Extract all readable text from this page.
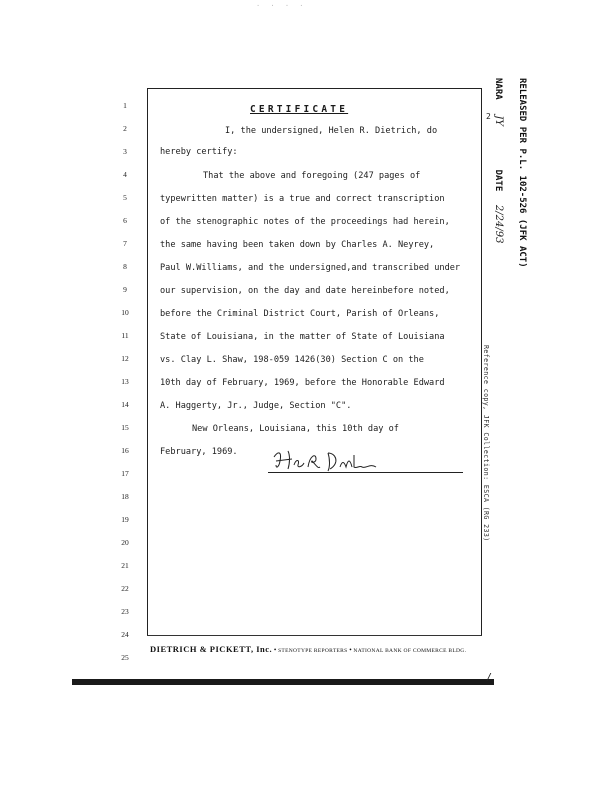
· · · ·
1
2
3
4
5
6
7
8
9
10
11
12
13
14
15
16
17
18
19
20
21
22
23
24
25
CERTIFICATE
2
I, the undersigned, Helen R. Dietrich, do
hereby certify:
That the above and foregoing (247 pages of
typewritten matter) is a true and correct transcription
of the stenographic notes of the proceedings had herein,
the same having been taken down by Charles A. Neyrey,
Paul W.Williams, and the undersigned,and transcribed under
our supervision, on the day and date hereinbefore noted,
before the Criminal District Court, Parish of Orleans,
State of Louisiana, in the matter of State of Louisiana
vs. Clay L. Shaw, 198-059 1426(30) Section C on the
10th day of February, 1969, before the Honorable Edward
A. Haggerty, Jr., Judge, Section "C".
New Orleans, Louisiana, this 10th day of
February, 1969.
DIETRICH & PICKETT, Inc. • STENOTYPE REPORTERS • NATIONAL BANK OF COMMERCE BLDG.
/
RELEASED PER P.L. 102-526 (JFK ACT)
NARA JY DATE 2/24/93
Reference copy, JFK Collection: ESCA (RG 233)
